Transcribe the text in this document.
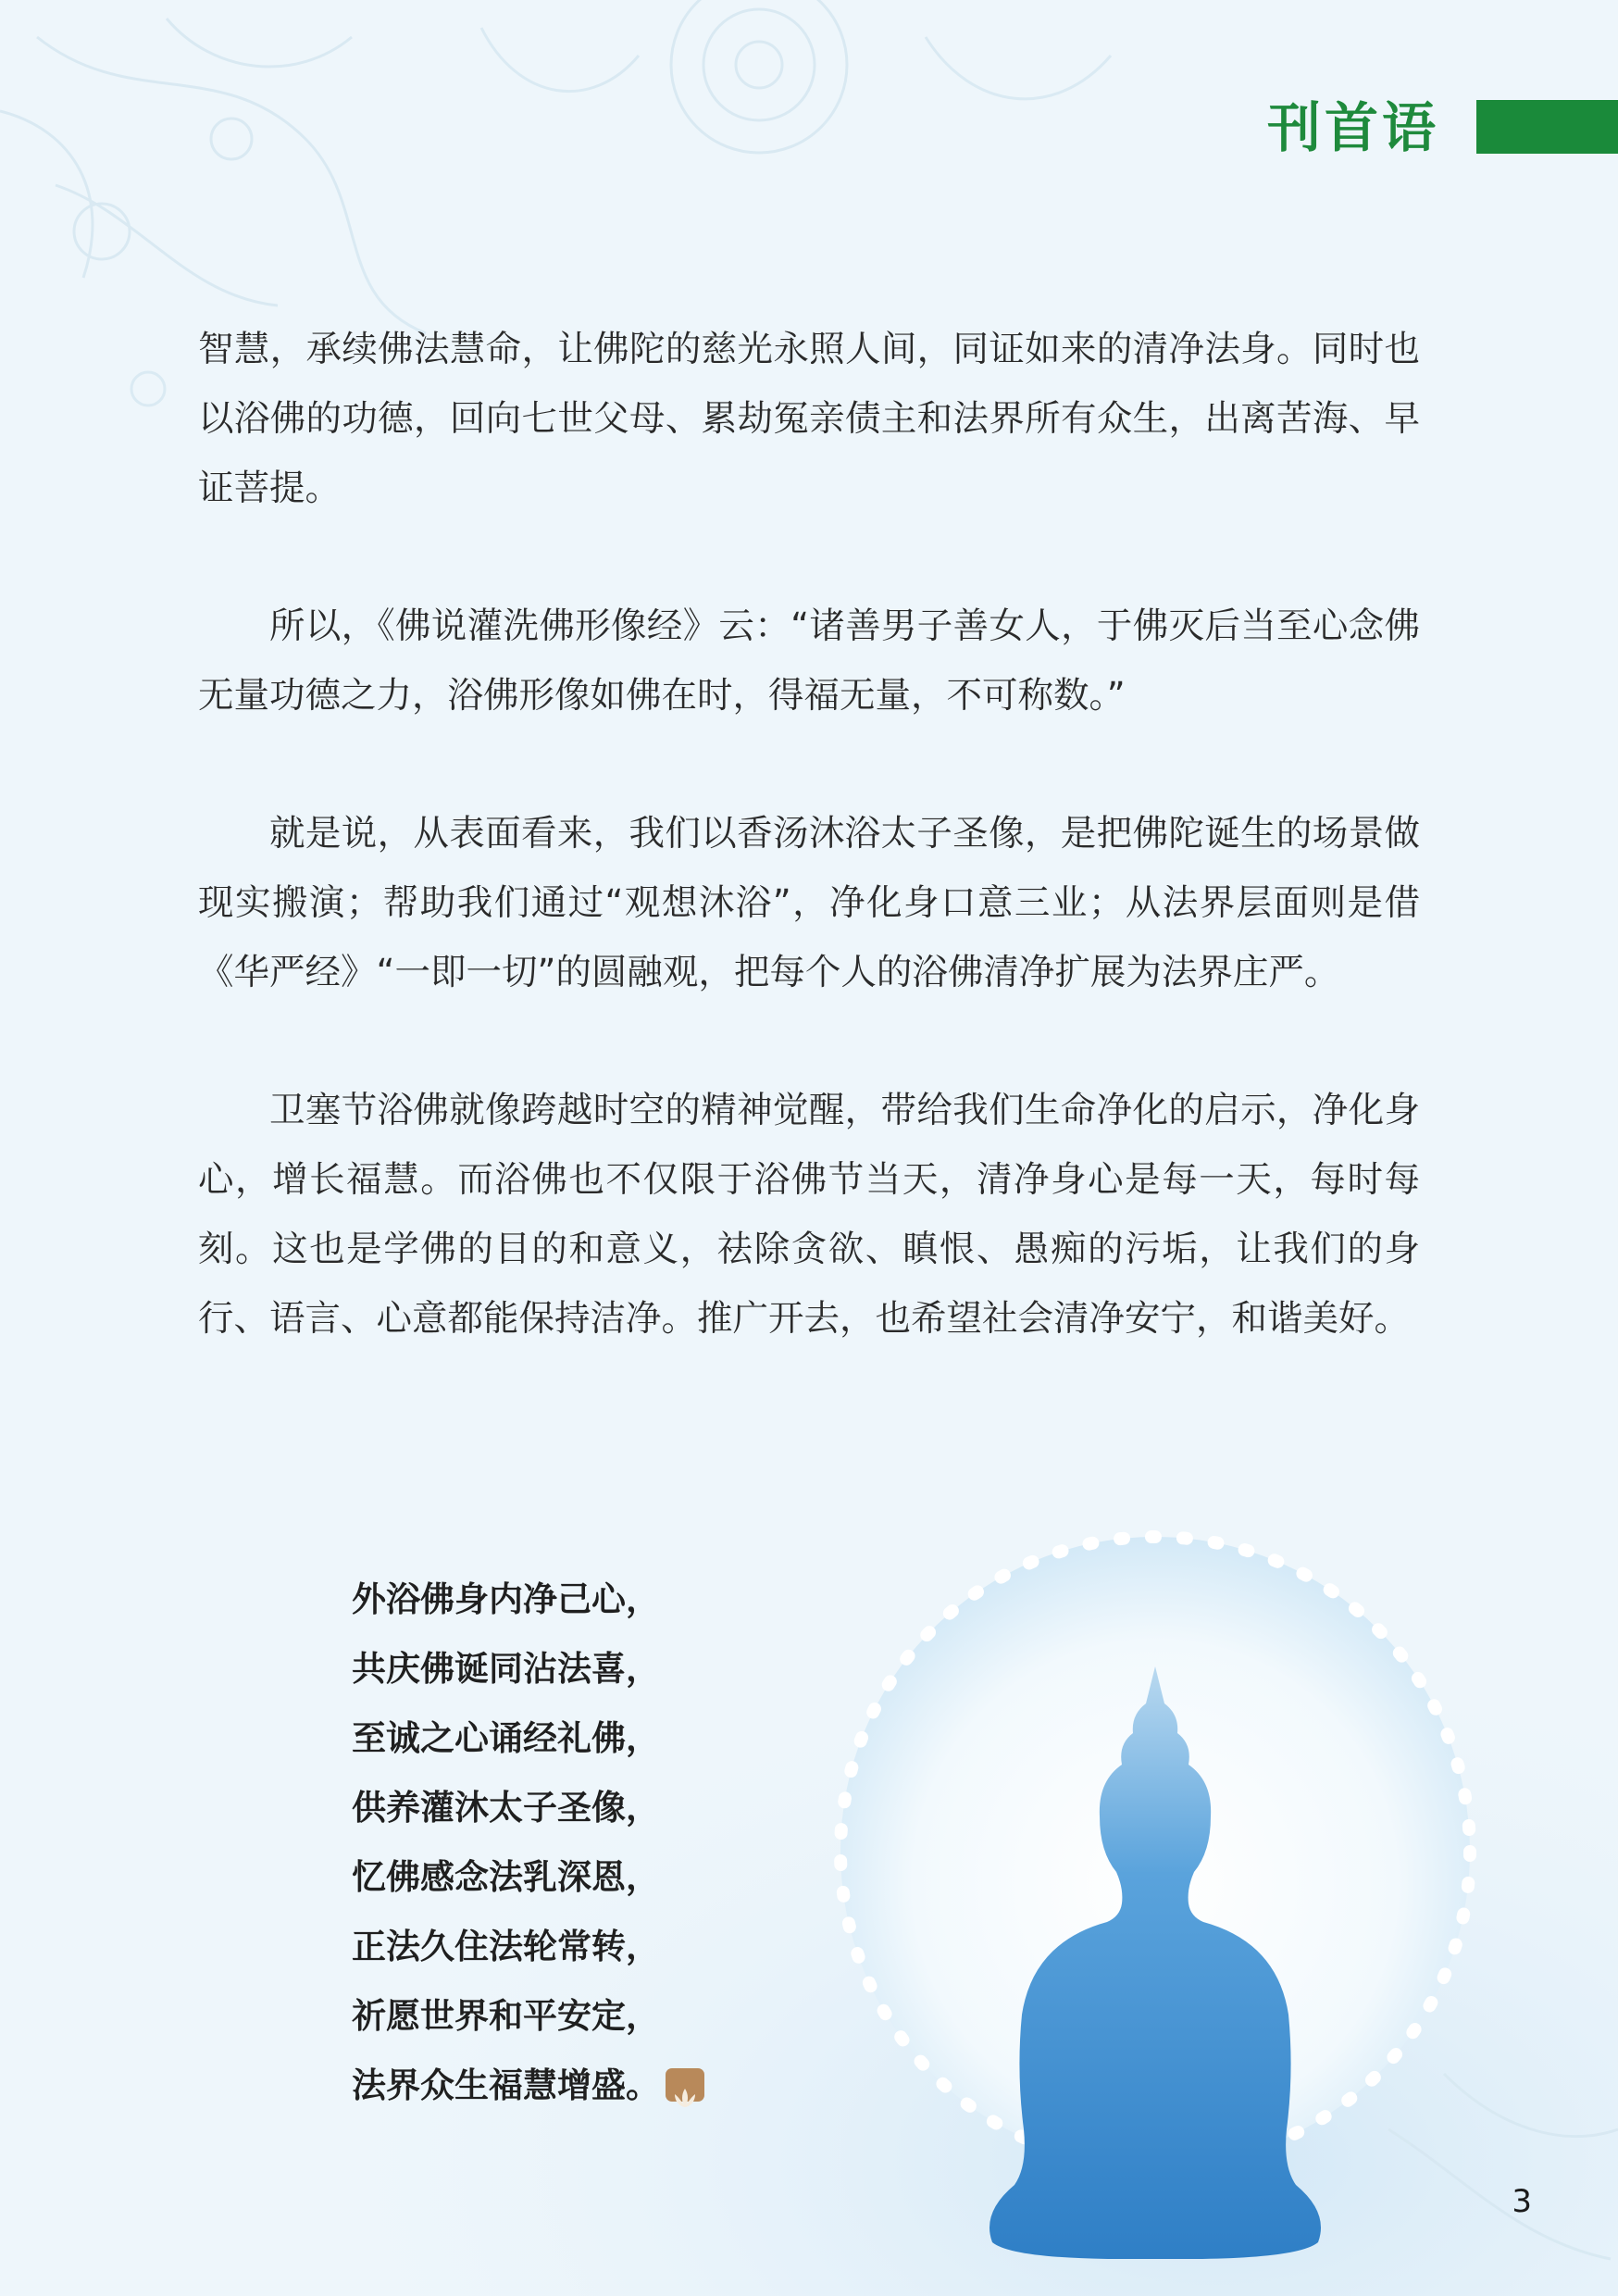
刊首语

智慧，承续佛法慧命，让佛陀的慈光永照人间，同证如来的清净法身。同时也以浴佛的功德，回向七世父母、累劫冤亲债主和法界所有众生，出离苦海、早证菩提。

所以，《佛说灌洗佛形像经》云：“诸善男子善女人，于佛灭后当至心念佛无量功德之力，浴佛形像如佛在时，得福无量，不可称数。”

就是说，从表面看来，我们以香汤沐浴太子圣像，是把佛陀诞生的场景做现实搬演；帮助我们通过“观想沐浴”，净化身口意三业；从法界层面则是借《华严经》“一即一切”的圆融观，把每个人的浴佛清净扩展为法界庄严。

卫塞节浴佛就像跨越时空的精神觉醒，带给我们生命净化的启示，净化身心，增长福慧。而浴佛也不仅限于浴佛节当天，清净身心是每一天，每时每刻。这也是学佛的目的和意义，祛除贪欲、瞋恨、愚痴的污垢，让我们的身行、语言、心意都能保持洁净。推广开去，也希望社会清净安宁，和谐美好。

外浴佛身内净己心，
共庆佛诞同沾法喜，
至诚之心诵经礼佛，
供养灌沐太子圣像，
忆佛感念法乳深恩，
正法久住法轮常转，
祈愿世界和平安定，
法界众生福慧增盛。
3
